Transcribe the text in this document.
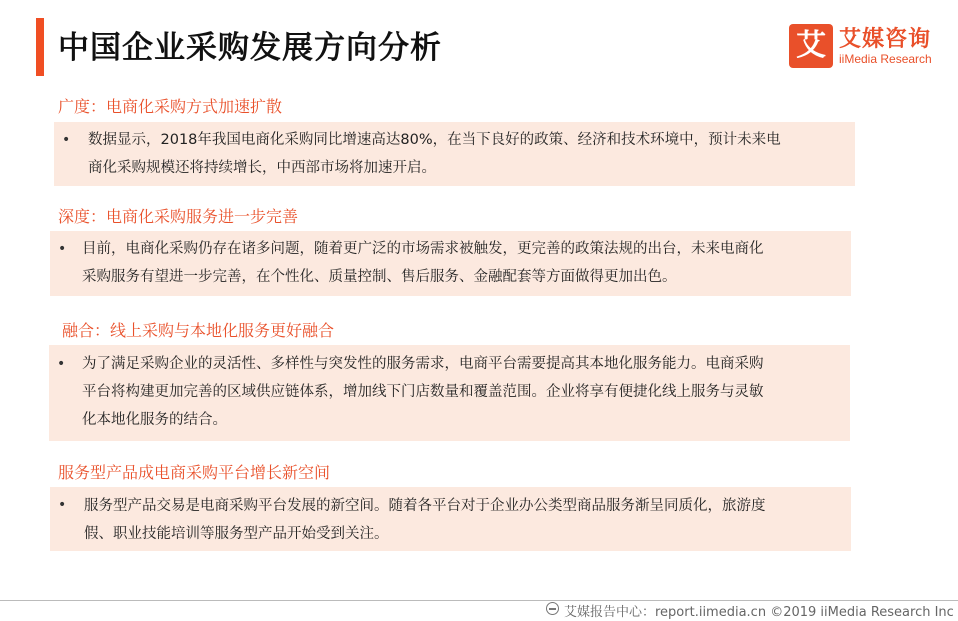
中国企业采购发展方向分析	艾 艾媒咨询
iiMedia Research
广度：电商化采购方式加速扩散
• 数据显示，2018年我国电商化采购同比增速高达80%，在当下良好的政策、经济和技术环境中，预计未来电
商化采购规模还将持续增长，中西部市场将加速开启。
深度：电商化采购服务进一步完善
• 目前，电商化采购仍存在诸多问题，随着更广泛的市场需求被触发，更完善的政策法规的出台，未来电商化
采购服务有望进一步完善，在个性化、质量控制、售后服务、金融配套等方面做得更加出色。
融合：线上采购与本地化服务更好融合
• 为了满足采购企业的灵活性、多样性与突发性的服务需求，电商平台需要提高其本地化服务能力。电商采购
平台将构建更加完善的区域供应链体系，增加线下门店数量和覆盖范围。企业将享有便捷化线上服务与灵敏
化本地化服务的结合。
服务型产品成电商采购平台增长新空间
• 服务型产品交易是电商采购平台发展的新空间。随着各平台对于企业办公类型商品服务渐呈同质化，旅游度
假、职业技能培训等服务型产品开始受到关注。
艾媒报告中心：report.iimedia.cn ©2019 iiMedia Research Inc
